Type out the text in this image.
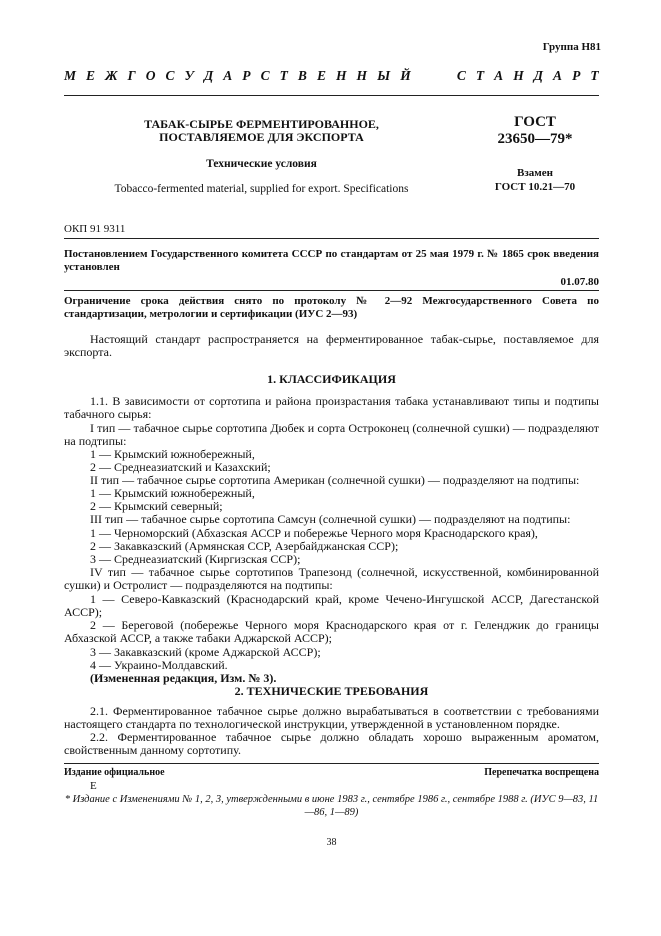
Группа Н81
М Е Ж Г О С У Д А Р С Т В Е Н Н Ы Й	С Т А Н Д А Р Т
ТАБАК-СЫРЬЕ ФЕРМЕНТИРОВАННОЕ,
ПОСТАВЛЯЕМОЕ ДЛЯ ЭКСПОРТА
Технические условия
Tobacco-fermented material, supplied for export. Specifications
ГОСТ
23650—79*
Взамен
ГОСТ 10.21—70
ОКП 91 9311
Постановлением Государственного комитета СССР по стандартам от 25 мая 1979 г. № 1865 срок введения установлен
01.07.80
Ограничение срока действия снято по протоколу № 2—92 Межгосударственного Совета по стандартизации, метрологии и сертификации (ИУС 2—93)
Настоящий стандарт распространяется на ферментированное табак-сырье, поставляемое для экспорта.
1. КЛАССИФИКАЦИЯ
1.1. В зависимости от сортотипа и района произрастания табака устанавливают типы и подтипы табачного сырья:
I тип — табачное сырье сортотипа Дюбек и сорта Остроконец (солнечной сушки) — подразделяют на подтипы:
1 — Крымский южнобережный,
2 — Среднеазиатский и Казахский;
II тип — табачное сырье сортотипа Американ (солнечной сушки) — подразделяют на подтипы:
1 — Крымский южнобережный,
2 — Крымский северный;
III тип — табачное сырье сортотипа Самсун (солнечной сушки) — подразделяют на подтипы:
1 — Черноморский (Абхазская АССР и побережье Черного моря Краснодарского края),
2 — Закавказский (Армянская ССР, Азербайджанская ССР);
3 — Среднеазиатский (Киргизская ССР);
IV тип — табачное сырье сортотипов Трапезонд (солнечной, искусственной, комбинированной сушки) и Остролист — подразделяются на подтипы:
1 — Северо-Кавказский (Краснодарский край, кроме Чечено-Ингушской АССР, Дагестанской АССР);
2 — Береговой (побережье Черного моря Краснодарского края от г. Геленджик до границы Абхазской АССР, а также табаки Аджарской АССР);
3 — Закавказский (кроме Аджарской АССР);
4 — Украино-Молдавский.
(Измененная редакция, Изм. № 3).
2. ТЕХНИЧЕСКИЕ ТРЕБОВАНИЯ
2.1. Ферментированное табачное сырье должно вырабатываться в соответствии с требованиями настоящего стандарта по технологической инструкции, утвержденной в установленном порядке.
2.2. Ферментированное табачное сырье должно обладать хорошо выраженным ароматом, свойственным данному сортотипу.
Издание официальное	Перепечатка воспрещена
Е
* Издание с Изменениями № 1, 2, 3, утвержденными в июне 1983 г., сентябре 1986 г., сентябре 1988 г. (ИУС 9—83, 11—86, 1—89)
38
